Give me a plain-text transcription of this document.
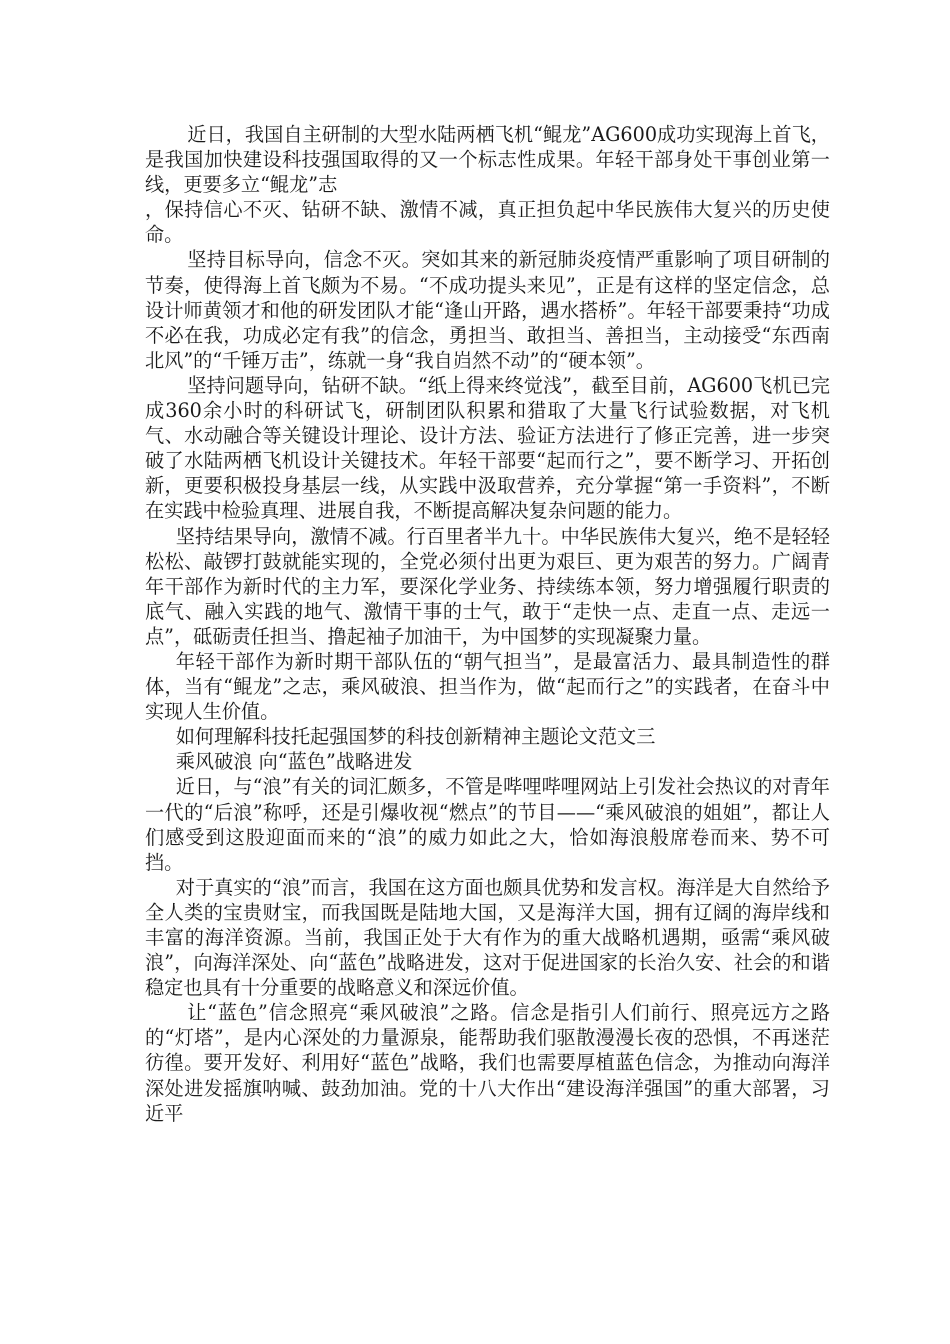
近日，我国自主研制的大型水陆两栖飞机“鲲龙”AG600成功实现海上首飞，是我国加快建设科技强国取得的又一个标志性成果。年轻干部身处干事创业第一线，更要多立“鲲龙”志

，保持信心不灭、钻研不缺、激情不减，真正担负起中华民族伟大复兴的历史使命。

坚持目标导向，信念不灭。突如其来的新冠肺炎疫情严重影响了项目研制的节奏，使得海上首飞颇为不易。“不成功提头来见”，正是有这样的坚定信念，总设计师黄领才和他的研发团队才能“逢山开路，遇水搭桥”。年轻干部要秉持“功成不必在我，功成必定有我”的信念，勇担当、敢担当、善担当，主动接受“东西南北风”的“千锤万击”，练就一身“我自岿然不动”的“硬本领”。

坚持问题导向，钻研不缺。“纸上得来终觉浅”，截至目前，AG600飞机已完成360余小时的科研试飞，研制团队积累和猎取了大量飞行试验数据，对飞机气、水动融合等关键设计理论、设计方法、验证方法进行了修正完善，进一步突破了水陆两栖飞机设计关键技术。年轻干部要“起而行之”，要不断学习、开拓创新，更要积极投身基层一线，从实践中汲取营养，充分掌握“第一手资料”，不断在实践中检验真理、进展自我，不断提高解决复杂问题的能力。

坚持结果导向，激情不减。行百里者半九十。中华民族伟大复兴，绝不是轻轻松松、敲锣打鼓就能实现的，全党必须付出更为艰巨、更为艰苦的努力。广阔青年干部作为新时代的主力军，要深化学业务、持续练本领，努力增强履行职责的底气、融入实践的地气、激情干事的士气，敢于“走快一点、走直一点、走远一点”，砥砺责任担当、撸起袖子加油干，为中国梦的实现凝聚力量。

年轻干部作为新时期干部队伍的“朝气担当”，是最富活力、最具制造性的群体，当有“鲲龙”之志，乘风破浪、担当作为，做“起而行之”的实践者，在奋斗中实现人生价值。

如何理解科技托起强国梦的科技创新精神主题论文范文三

乘风破浪 向“蓝色”战略进发

近日，与“浪”有关的词汇颇多，不管是哔哩哔哩网站上引发社会热议的对青年一代的“后浪”称呼，还是引爆收视“燃点”的节目——“乘风破浪的姐姐”，都让人们感受到这股迎面而来的“浪”的威力如此之大，恰如海浪般席卷而来、势不可挡。

对于真实的“浪”而言，我国在这方面也颇具优势和发言权。海洋是大自然给予全人类的宝贵财宝，而我国既是陆地大国，又是海洋大国，拥有辽阔的海岸线和丰富的海洋资源。当前，我国正处于大有作为的重大战略机遇期，亟需“乘风破浪”，向海洋深处、向“蓝色”战略进发，这对于促进国家的长治久安、社会的和谐稳定也具有十分重要的战略意义和深远价值。

让“蓝色”信念照亮“乘风破浪”之路。信念是指引人们前行、照亮远方之路的“灯塔”，是内心深处的力量源泉，能帮助我们驱散漫漫长夜的恐惧，不再迷茫彷徨。要开发好、利用好“蓝色”战略，我们也需要厚植蓝色信念，为推动向海洋深处进发摇旗呐喊、鼓劲加油。党的十八大作出“建设海洋强国”的重大部署，习近平
